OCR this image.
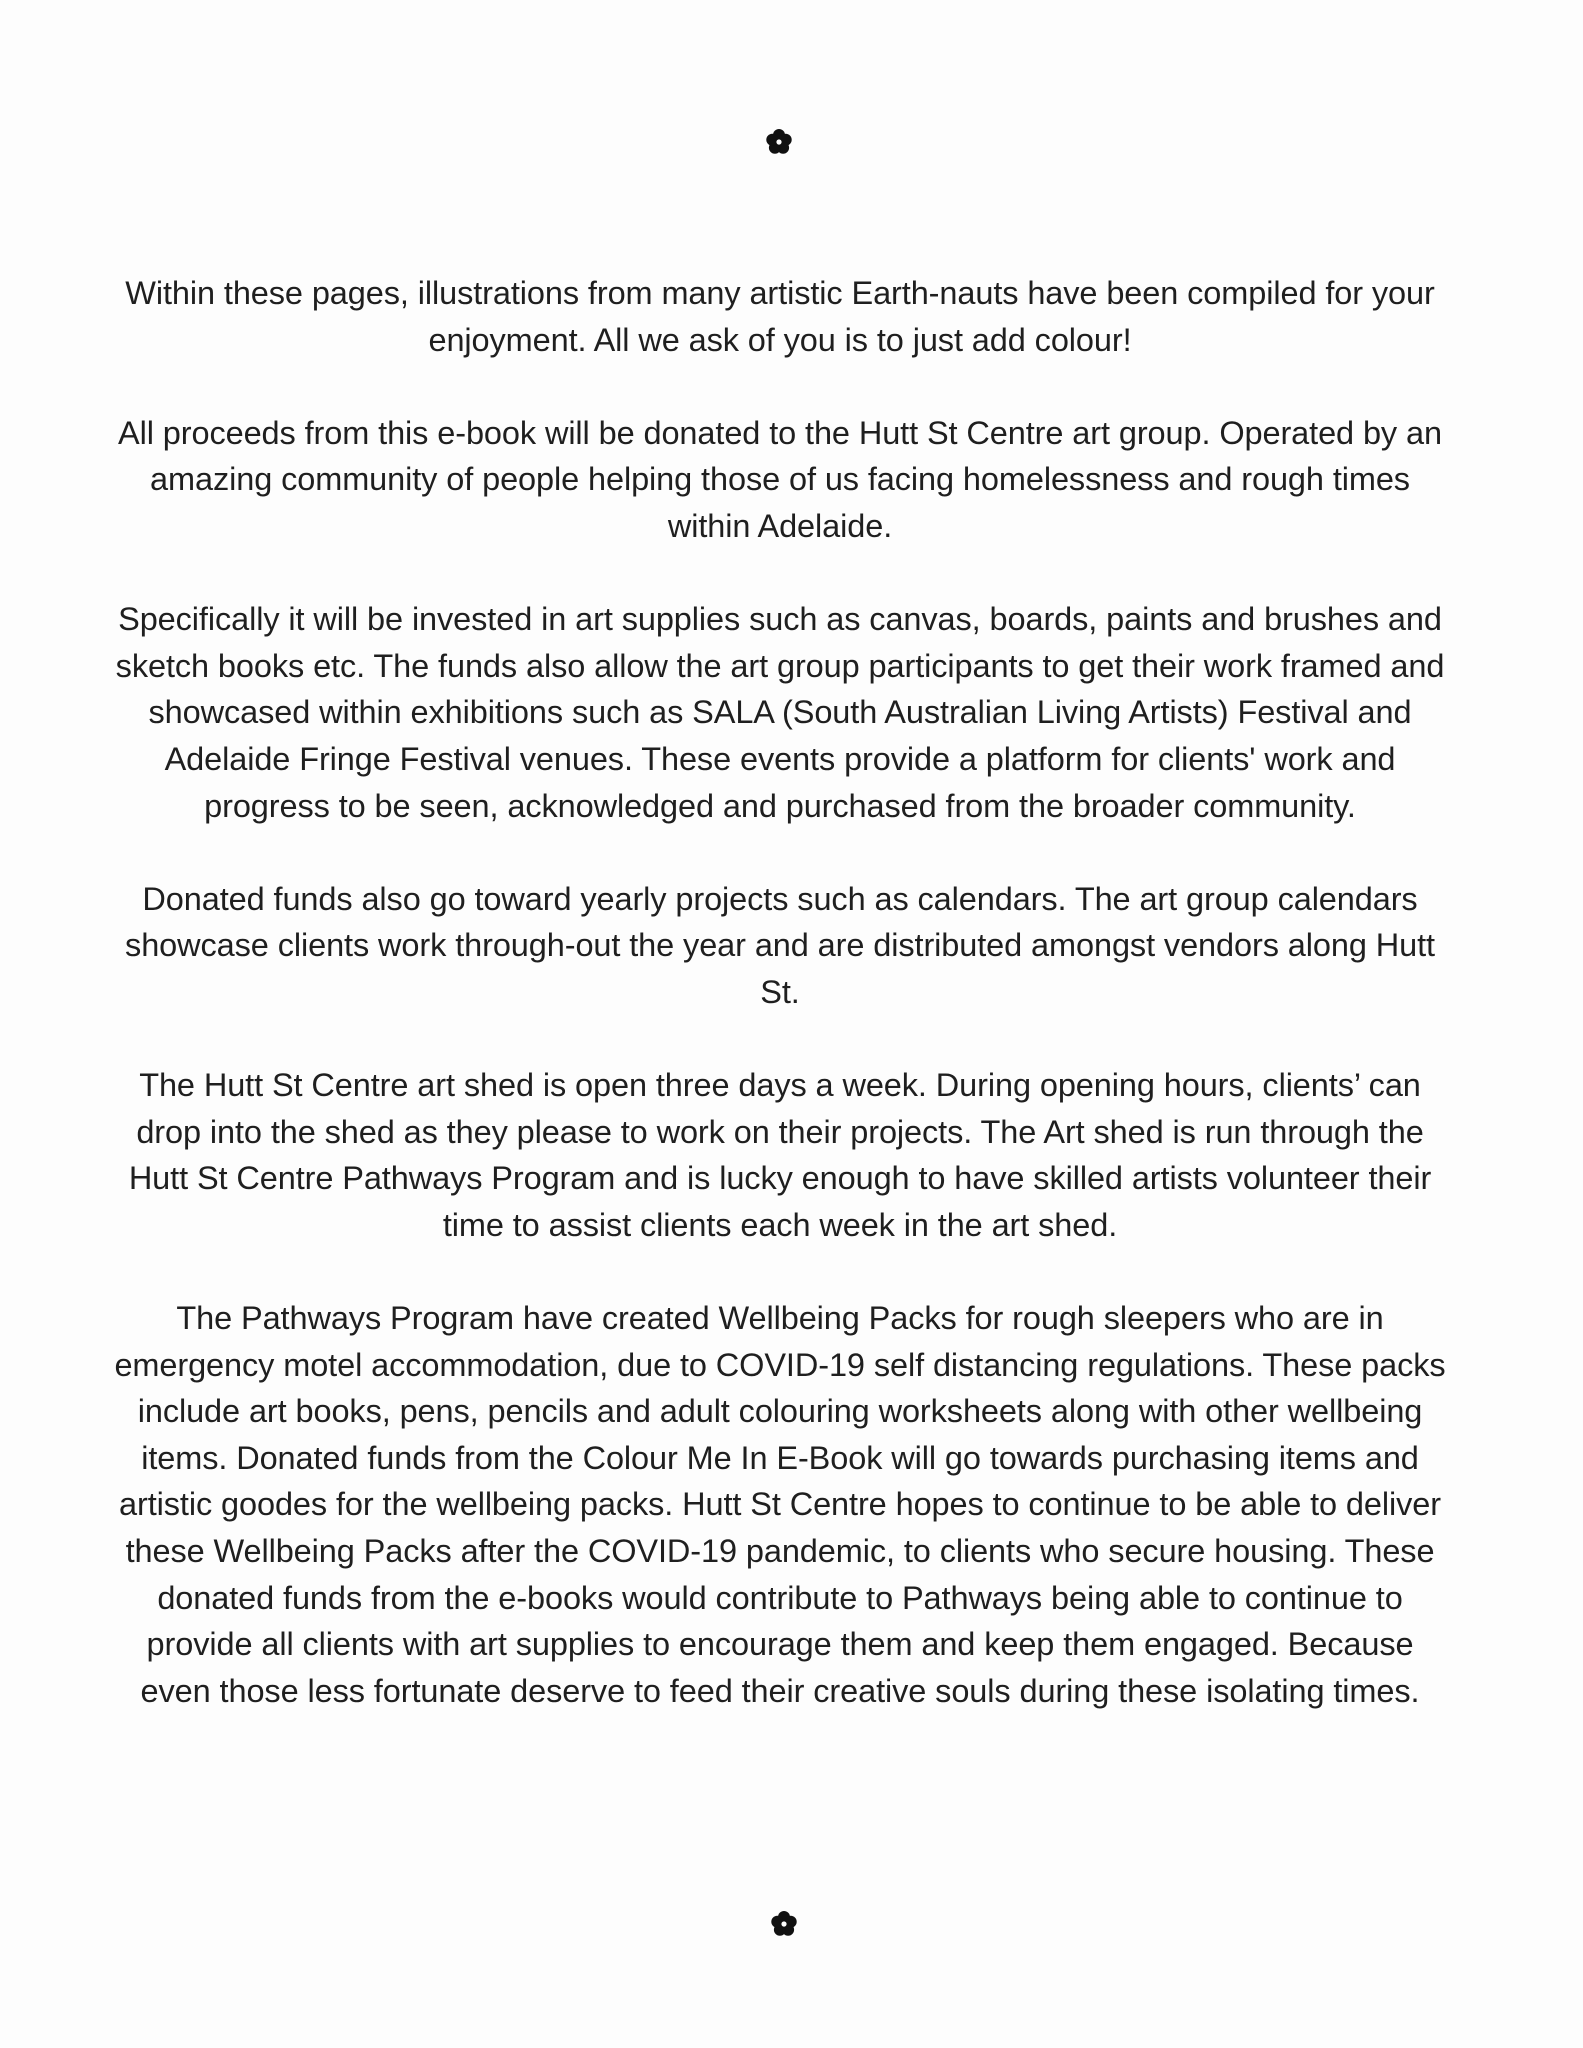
Within these pages, illustrations from many artistic Earth-nauts have been compiled for your enjoyment. All we ask of you is to just add colour!

All proceeds from this e-book will be donated to the Hutt St Centre art group. Operated by an amazing community of people helping those of us facing homelessness and rough times within Adelaide.

Specifically it will be invested in art supplies such as canvas, boards, paints and brushes and sketch books etc. The funds also allow the art group participants to get their work framed and showcased within exhibitions such as SALA (South Australian Living Artists) Festival and Adelaide Fringe Festival venues. These events provide a platform for clients' work and progress to be seen, acknowledged and purchased from the broader community.

Donated funds also go toward yearly projects such as calendars. The art group calendars showcase clients work through-out the year and are distributed amongst vendors along Hutt St.

The Hutt St Centre art shed is open three days a week. During opening hours, clients’ can drop into the shed as they please to work on their projects. The Art shed is run through the Hutt St Centre Pathways Program and is lucky enough to have skilled artists volunteer their time to assist clients each week in the art shed.

The Pathways Program have created Wellbeing Packs for rough sleepers who are in emergency motel accommodation, due to COVID-19 self distancing regulations. These packs include art books, pens, pencils and adult colouring worksheets along with other wellbeing items. Donated funds from the Colour Me In E-Book will go towards purchasing items and artistic goodes for the wellbeing packs. Hutt St Centre hopes to continue to be able to deliver these Wellbeing Packs after the COVID-19 pandemic, to clients who secure housing. These donated funds from the e-books would contribute to Pathways being able to continue to provide all clients with art supplies to encourage them and keep them engaged. Because even those less fortunate deserve to feed their creative souls during these isolating times.
